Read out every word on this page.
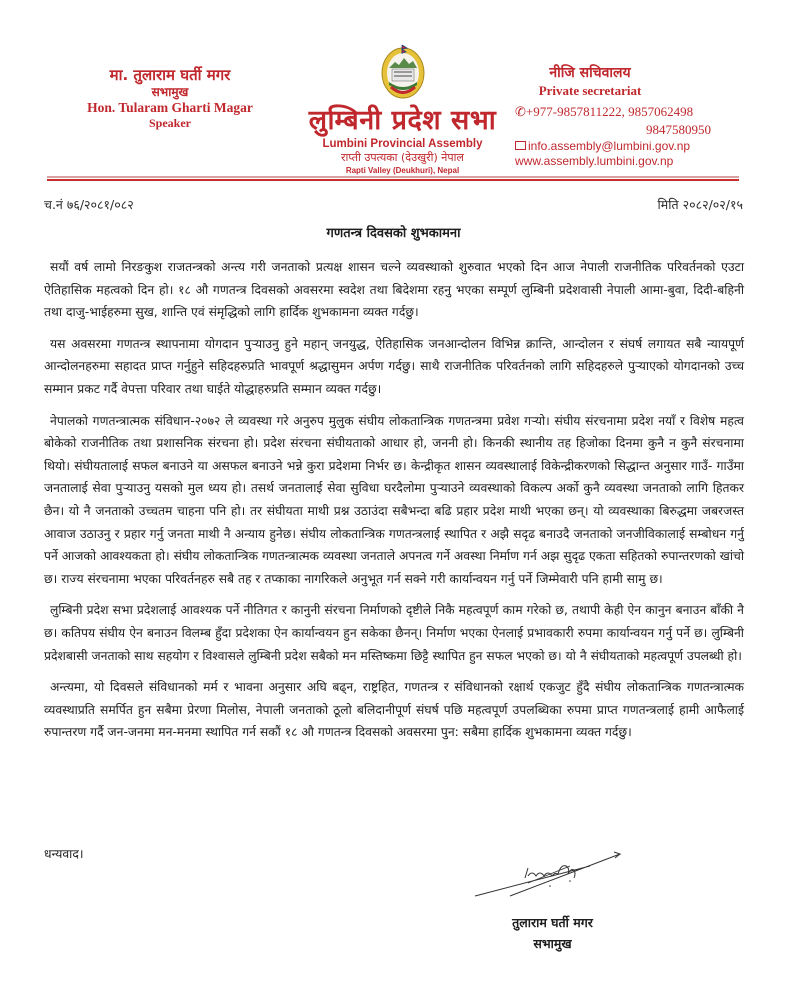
मा. तुलाराम घर्ती मगर
सभामुख
Hon. Tularam Gharti Magar
Speaker	लुम्बिनी प्रदेश सभा
Lumbini Provincial Assembly
राप्ती उपत्यका (देउखुरी) नेपाल
Rapti Valley (Deukhuri), Nepal
नीजि सचिवालय
Private secretariat
✆+977-9857811222, 9857062498
9847580950
info.assembly@lumbini.gov.np
www.assembly.lumbini.gov.np
च.नं ७६/२०८१/०८२	मिति २०८२/०२/१५
गणतन्त्र दिवसको शुभकामना

सयौं वर्ष लामो निरङकुश राजतन्त्रको अन्त्य गरी जनताको प्रत्यक्ष शासन चल्ने व्यवस्थाको शुरुवात भएको दिन आज नेपाली राजनीतिक परिवर्तनको एउटा ऐतिहासिक महत्वको दिन हो। १८ औ गणतन्त्र दिवसको अवसरमा स्वदेश तथा बिदेशमा रहनु भएका सम्पूर्ण लुम्बिनी प्रदेशवासी नेपाली आमा-बुवा, दिदी-बहिनी तथा दाजु-भाईहरुमा सुख, शान्ति एवं संमृद्धिको लागि हार्दिक शुभकामना व्यक्त गर्दछु।

यस अवसरमा गणतन्त्र स्थापनामा योगदान पुऱ्याउनु हुने महान् जनयुद्ध, ऐतिहासिक जनआन्दोलन विभिन्न क्रान्ति, आन्दोलन र संघर्ष लगायत सबै न्यायपूर्ण आन्दोलनहरुमा सहादत प्राप्त गर्नुहुने सहिदहरुप्रति भावपूर्ण श्रद्धासुमन अर्पण गर्दछु। साथै राजनीतिक परिवर्तनको लागि सहिदहरुले पुऱ्याएको योगदानको उच्च सम्मान प्रकट गर्दै वेपत्ता परिवार तथा घाईते योद्धाहरुप्रति सम्मान व्यक्त गर्दछु।

नेपालको गणतन्त्रात्मक संविधान-२०७२ ले व्यवस्था गरे अनुरुप मुलुक संघीय लोकतान्त्रिक गणतन्त्रमा प्रवेश गऱ्यो। संघीय संरचनामा प्रदेश नयाँ र विशेष महत्व बोकेको राजनीतिक तथा प्रशासनिक संरचना हो। प्रदेश संरचना संघीयताको आधार हो, जननी हो। किनकी स्थानीय तह हिजोका दिनमा कुनै न कुनै संरचनामा थियो। संघीयतालाई सफल बनाउने या असफल बनाउने भन्ने कुरा प्रदेशमा निर्भर छ। केन्द्रीकृत शासन व्यवस्थालाई विकेन्द्रीकरणको सिद्धान्त अनुसार गाउँ- गाउँमा जनतालाई सेवा पुऱ्याउनु यसको मुल ध्यय हो। तसर्थ जनतालाई सेवा सुविधा घरदैलोमा पुऱ्याउने व्यवस्थाको विकल्प अर्को कुनै व्यवस्था जनताको लागि हितकर छैन। यो नै जनताको उच्चतम चाहना पनि हो। तर संघीयता माथी प्रश्न उठाउंदा सबैभन्दा बढि प्रहार प्रदेश माथी भएका छन्। यो व्यवस्थाका बिरुद्धमा जबरजस्त आवाज उठाउनु र प्रहार गर्नु जनता माथी नै अन्याय हुनेछ। संघीय लोकतान्त्रिक गणतन्त्रलाई स्थापित र अझै सदृढ बनाउदै जनताको जनजीविकालाई सम्बोधन गर्नु पर्ने आजको आवश्यकता हो। संघीय लोकतान्त्रिक गणतन्त्रात्मक व्यवस्था जनताले अपनत्व गर्ने अवस्था निर्माण गर्न अझ सुदृढ एकता सहितको रुपान्तरणको खांचो छ। राज्य संरचनामा भएका परिवर्तनहरु सबै तह र तप्काका नागरिकले अनुभूत गर्न सक्ने गरी कार्यान्वयन गर्नु पर्ने जिम्मेवारी पनि हामी सामु छ।

लुम्बिनी प्रदेश सभा प्रदेशलाई आवश्यक पर्ने नीतिगत र कानुनी संरचना निर्माणको दृष्टीले निकै महत्वपूर्ण काम गरेको छ, तथापी केही ऐन कानुन बनाउन बाँकी नै छ। कतिपय संघीय ऐन बनाउन विलम्ब हुँदा प्रदेशका ऐन कार्यान्वयन हुन सकेका छैनन्। निर्माण भएका ऐनलाई प्रभावकारी रुपमा कार्यान्वयन गर्नु पर्ने छ। लुम्बिनी प्रदेशबासी जनताको साथ सहयोग र विश्वासले लुम्बिनी प्रदेश सबैको मन मस्तिष्कमा छिट्टै स्थापित हुन सफल भएको छ। यो नै संघीयताको महत्वपूर्ण उपलब्धी हो।

अन्त्यमा, यो दिवसले संविधानको मर्म र भावना अनुसार अघि बढ्न, राष्ट्रहित, गणतन्त्र र संविधानको रक्षार्थ एकजुट हुँदै संघीय लोकतान्त्रिक गणतन्त्रात्मक व्यवस्थाप्रति समर्पित हुन सबैमा प्रेरणा मिलोस, नेपाली जनताको ठूलो बलिदानीपूर्ण संघर्ष पछि महत्वपूर्ण उपलब्धिका रुपमा प्राप्त गणतन्त्रलाई हामी आफैलाई रुपान्तरण गर्दै जन-जनमा मन-मनमा स्थापित गर्न सकौं १८ औ गणतन्त्र दिवसको अवसरमा पुन: सबैमा हार्दिक शुभकामना व्यक्त गर्दछु।

धन्यवाद।
तुलाराम घर्ती मगर
सभामुख
